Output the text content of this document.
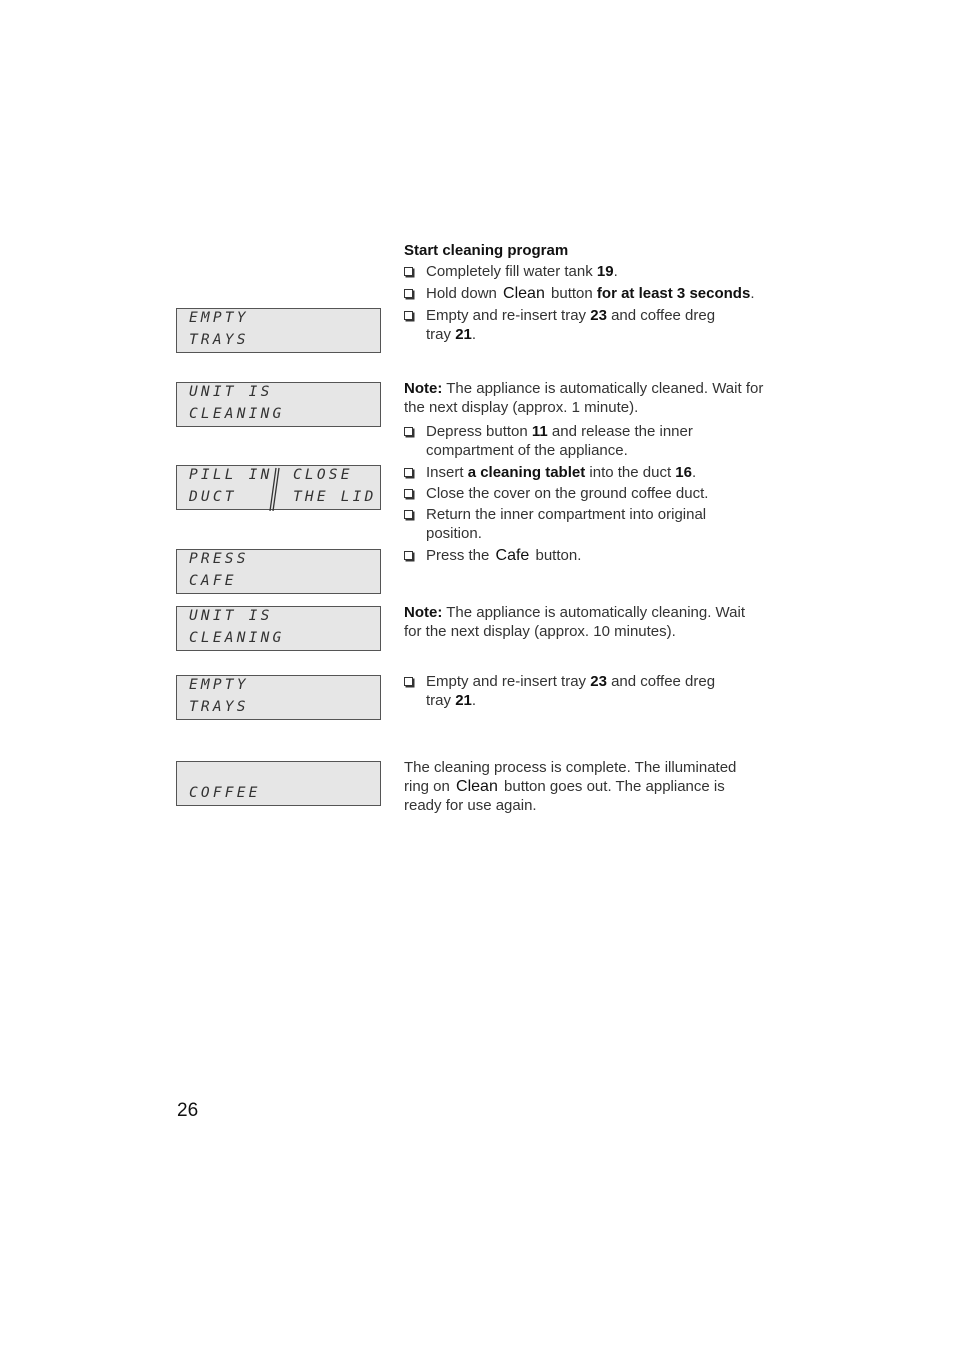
EMPTY
TRAYS
UNIT IS
CLEANING
PILL IN
DUCT
CLOSE
THE LID
PRESS
CAFE
UNIT IS
CLEANING
EMPTY
TRAYS
COFFEE
Start cleaning program
Completely fill water tank 19.
Hold down Clean button for at least 3 seconds.
Empty and re-insert tray 23 and coffee dreg
tray 21.
Note: The appliance is automatically cleaned. Wait for
the next display (approx. 1 minute).
Depress button 11 and release the inner
compartment of the appliance.
Insert a cleaning tablet into the duct 16.
Close the cover on the ground coffee duct.
Return the inner compartment into original
position.
Press the Cafe button.
Note: The appliance is automatically cleaning. Wait
for the next display (approx. 10 minutes).
Empty and re-insert tray 23 and coffee dreg
tray 21.
The cleaning process is complete. The illuminated
ring on Clean button goes out. The appliance is
ready for use again.
26
